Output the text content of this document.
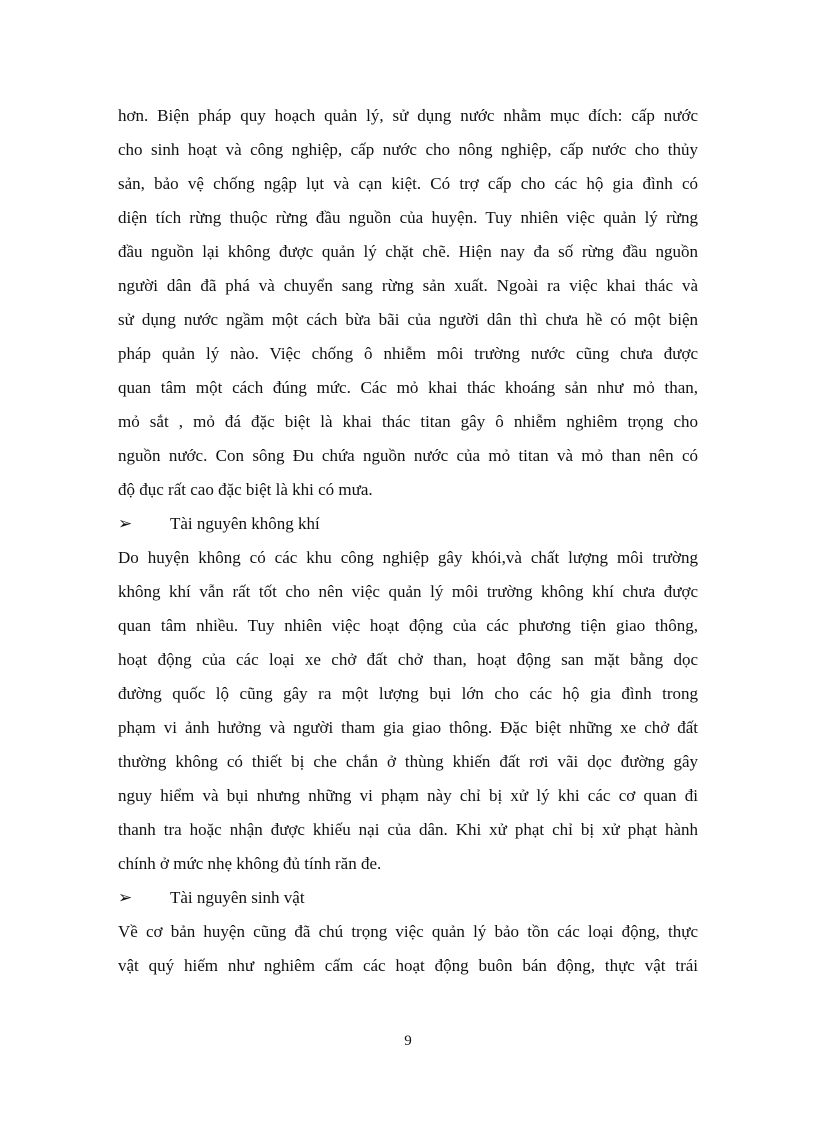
hơn. Biện pháp quy hoạch quản lý, sử dụng nước nhằm mục đích: cấp nước
cho sinh hoạt và công nghiệp, cấp nước cho nông nghiệp, cấp nước cho thủy
sản, bảo vệ chống ngập lụt và cạn kiệt. Có trợ cấp cho các hộ gia đình có
diện tích rừng thuộc rừng đầu nguồn của huyện. Tuy nhiên việc quản lý rừng
đầu nguồn lại không được quản lý chặt chẽ. Hiện nay đa số rừng đầu nguồn
người dân đã phá và chuyển sang rừng sản xuất. Ngoài ra việc khai thác và
sử dụng nước ngầm một cách bừa bãi của người dân thì chưa hề có một biện
pháp quản lý nào. Việc chống ô nhiễm môi trường nước cũng chưa được
quan tâm một cách đúng mức. Các mỏ khai thác khoáng sản như mỏ than,
mỏ sắt , mỏ đá đặc biệt là khai thác titan gây ô nhiễm nghiêm trọng cho
nguồn nước. Con sông Đu chứa nguồn nước của mỏ titan và mỏ than nên có
độ đục rất cao đặc biệt là khi có mưa.
➢	Tài nguyên không khí
Do huyện không có các khu công nghiệp gây khói,và chất lượng môi trường
không khí vẫn rất tốt cho nên việc quản lý môi trường không khí chưa được
quan tâm nhiều. Tuy nhiên việc hoạt động của các phương tiện giao thông,
hoạt động của các loại xe chở đất chở than, hoạt động san mặt bằng dọc
đường quốc lộ cũng gây ra một lượng bụi lớn cho các hộ gia đình trong
phạm vi ảnh hưởng và người tham gia giao thông. Đặc biệt những xe chở đất
thường không có thiết bị che chắn ở thùng khiến đất rơi vãi dọc đường gây
nguy hiểm và bụi nhưng những vi phạm này chỉ bị xử lý khi các cơ quan đi
thanh tra hoặc nhận được khiếu nại của dân. Khi xử phạt chỉ bị xử phạt hành
chính ở mức nhẹ không đủ tính răn đe.
➢	Tài nguyên sinh vật
Về cơ bản huyện cũng đã chú trọng việc quản lý bảo tồn các loại động, thực
vật quý hiếm như nghiêm cấm các hoạt động buôn bán động, thực vật trái
9
